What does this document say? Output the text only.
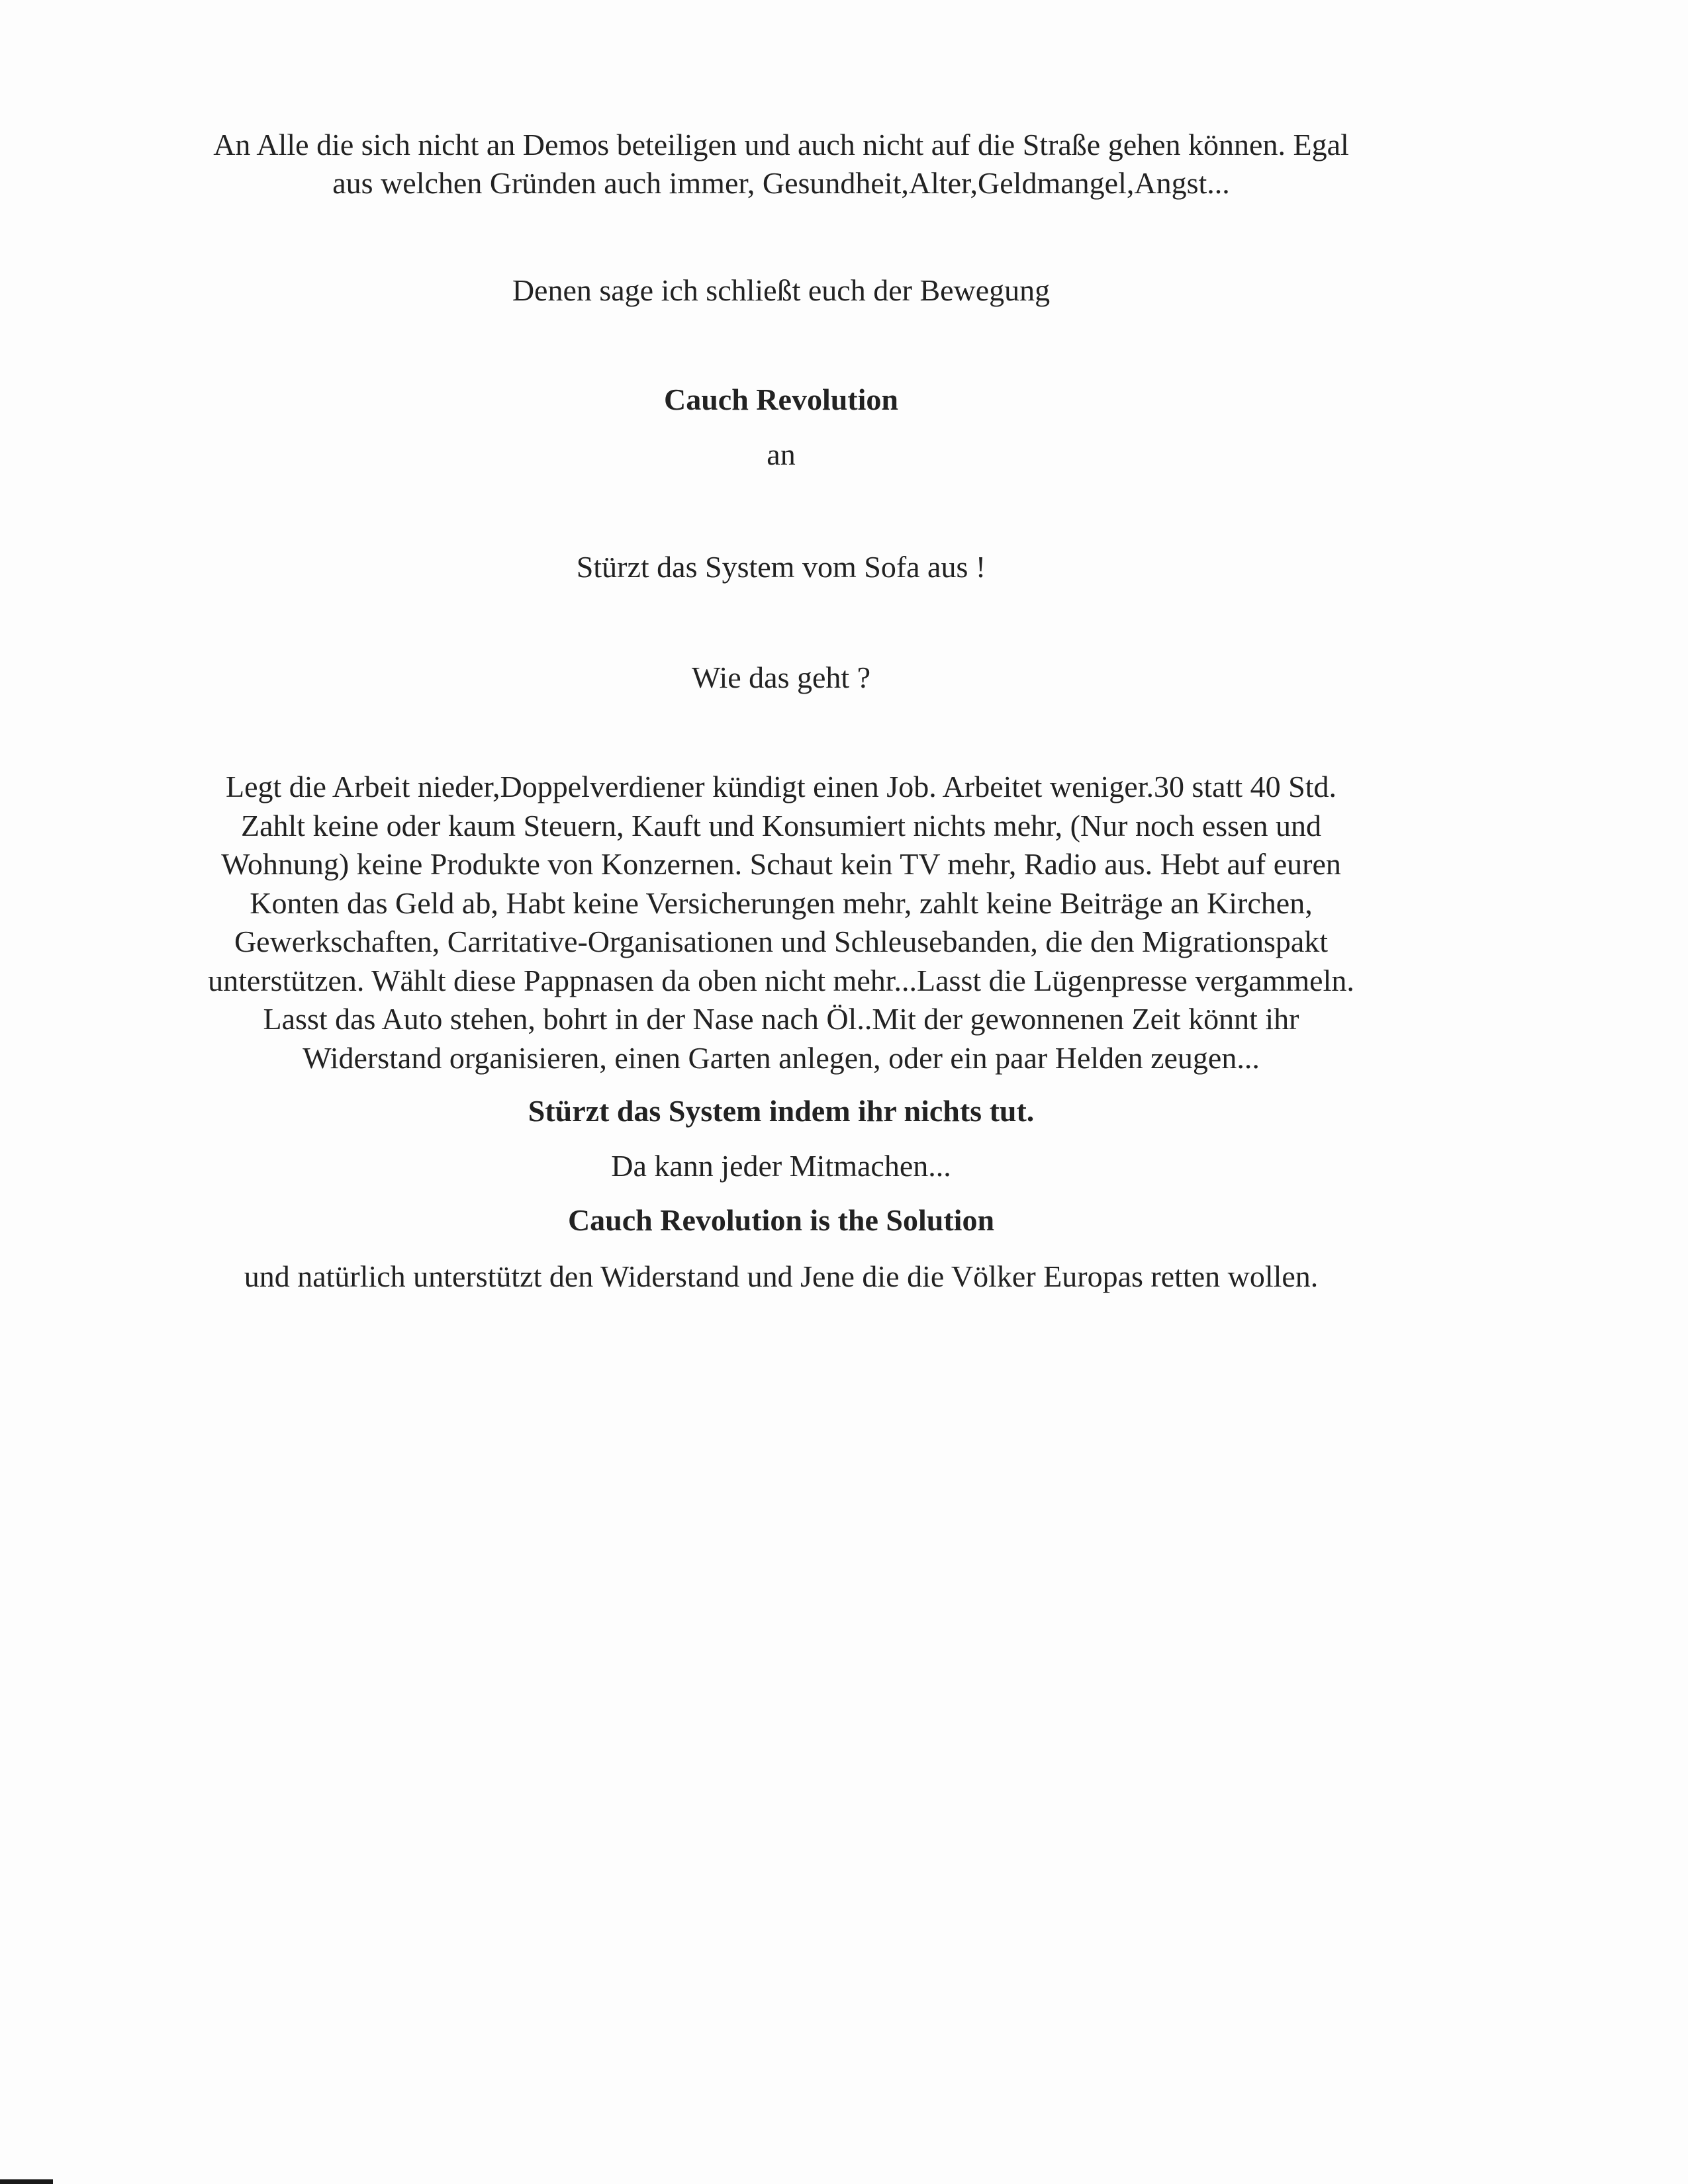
An Alle die sich nicht an Demos beteiligen und auch nicht auf die Straße gehen können. Egal aus welchen Gründen auch immer, Gesundheit,Alter,Geldmangel,Angst...

Denen sage ich schließt euch der Bewegung

Cauch Revolution

an

Stürzt das System vom Sofa aus !

Wie das geht ?

Legt die Arbeit nieder,Doppelverdiener kündigt einen Job. Arbeitet weniger.30 statt 40 Std. Zahlt keine oder kaum Steuern, Kauft und Konsumiert nichts mehr, (Nur noch essen und Wohnung) keine Produkte von Konzernen. Schaut kein TV mehr, Radio aus. Hebt auf euren Konten das Geld ab, Habt keine Versicherungen mehr, zahlt keine Beiträge an Kirchen, Gewerkschaften, Carritative-Organisationen und Schleusebanden, die den Migrationspakt unterstützen. Wählt diese Pappnasen da oben nicht mehr...Lasst die Lügenpresse vergammeln. Lasst das Auto stehen, bohrt in der Nase nach Öl..Mit der gewonnenen Zeit könnt ihr Widerstand organisieren, einen Garten anlegen, oder ein paar Helden zeugen...

Stürzt das System indem ihr nichts tut.

Da kann jeder Mitmachen...

Cauch Revolution is the Solution

und natürlich unterstützt den Widerstand und Jene die die Völker Europas retten wollen.
